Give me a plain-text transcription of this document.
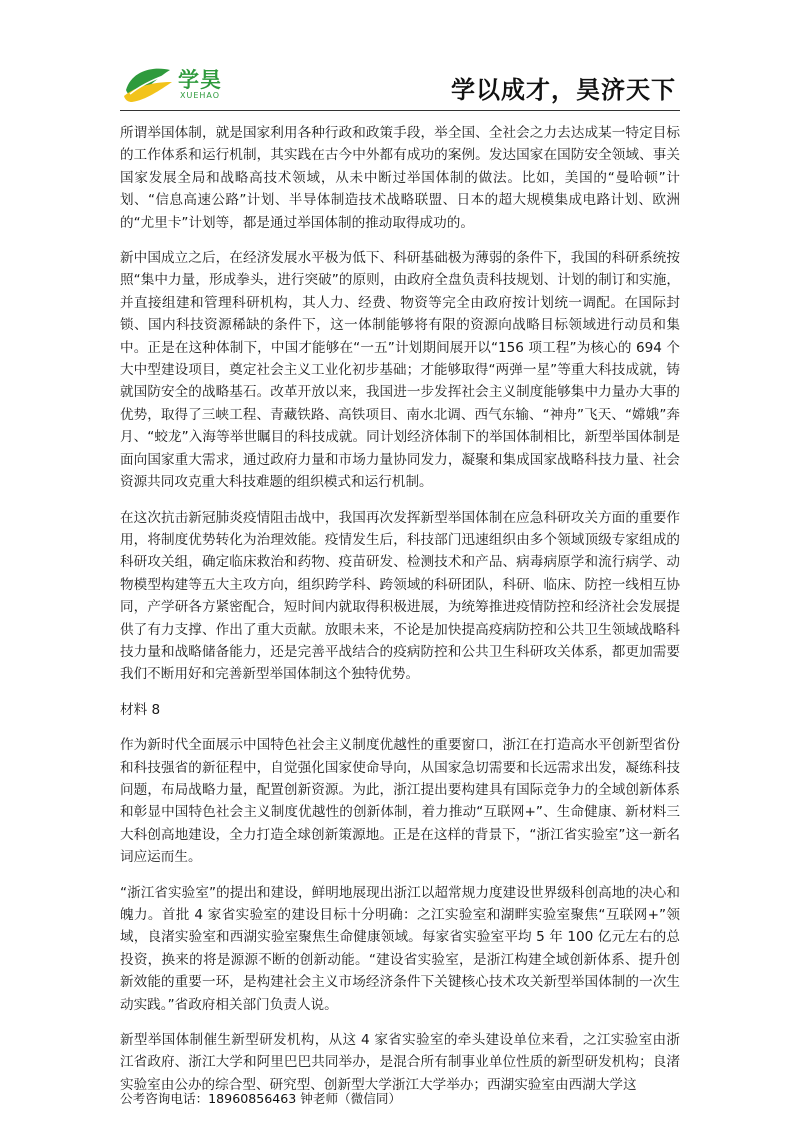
学昊
XUEHAO	学以成才，昊济天下

所谓举国体制，就是国家利用各种行政和政策手段，举全国、全社会之力去达成某一特定目标的工作体系和运行机制，其实践在古今中外都有成功的案例。发达国家在国防安全领域、事关国家发展全局和战略高技术领域，从未中断过举国体制的做法。比如，美国的“曼哈顿”计划、“信息高速公路”计划、半导体制造技术战略联盟、日本的超大规模集成电路计划、欧洲的“尤里卡”计划等，都是通过举国体制的推动取得成功的。

新中国成立之后，在经济发展水平极为低下、科研基础极为薄弱的条件下，我国的科研系统按照“集中力量，形成拳头，进行突破”的原则，由政府全盘负责科技规划、计划的制订和实施，并直接组建和管理科研机构，其人力、经费、物资等完全由政府按计划统一调配。在国际封锁、国内科技资源稀缺的条件下，这一体制能够将有限的资源向战略目标领域进行动员和集中。正是在这种体制下，中国才能够在“一五”计划期间展开以“156 项工程”为核心的 694 个大中型建设项目，奠定社会主义工业化初步基础；才能够取得“两弹一星”等重大科技成就，铸就国防安全的战略基石。改革开放以来，我国进一步发挥社会主义制度能够集中力量办大事的优势，取得了三峡工程、青藏铁路、高铁项目、南水北调、西气东输、“神舟”飞天、“嫦娥”奔月、“蛟龙”入海等举世瞩目的科技成就。同计划经济体制下的举国体制相比，新型举国体制是面向国家重大需求，通过政府力量和市场力量协同发力，凝聚和集成国家战略科技力量、社会资源共同攻克重大科技难题的组织模式和运行机制。

在这次抗击新冠肺炎疫情阻击战中，我国再次发挥新型举国体制在应急科研攻关方面的重要作用，将制度优势转化为治理效能。疫情发生后，科技部门迅速组织由多个领域顶级专家组成的科研攻关组，确定临床救治和药物、疫苗研发、检测技术和产品、病毒病原学和流行病学、动物模型构建等五大主攻方向，组织跨学科、跨领域的科研团队，科研、临床、防控一线相互协同，产学研各方紧密配合，短时间内就取得积极进展，为统筹推进疫情防控和经济社会发展提供了有力支撑、作出了重大贡献。放眼未来，不论是加快提高疫病防控和公共卫生领域战略科技力量和战略储备能力，还是完善平战结合的疫病防控和公共卫生科研攻关体系，都更加需要我们不断用好和完善新型举国体制这个独特优势。

材料 8

作为新时代全面展示中国特色社会主义制度优越性的重要窗口，浙江在打造高水平创新型省份和科技强省的新征程中，自觉强化国家使命导向，从国家急切需要和长远需求出发，凝练科技问题，布局战略力量，配置创新资源。为此，浙江提出要构建具有国际竞争力的全域创新体系和彰显中国特色社会主义制度优越性的创新体制，着力推动“互联网+”、生命健康、新材料三大科创高地建设，全力打造全球创新策源地。正是在这样的背景下，“浙江省实验室”这一新名词应运而生。

“浙江省实验室”的提出和建设，鲜明地展现出浙江以超常规力度建设世界级科创高地的决心和魄力。首批 4 家省实验室的建设目标十分明确：之江实验室和湖畔实验室聚焦“互联网+”领域，良渚实验室和西湖实验室聚焦生命健康领域。每家省实验室平均 5 年 100 亿元左右的总投资，换来的将是源源不断的创新动能。“建设省实验室，是浙江构建全域创新体系、提升创新效能的重要一环，是构建社会主义市场经济条件下关键核心技术攻关新型举国体制的一次生动实践。”省政府相关部门负责人说。

新型举国体制催生新型研发机构，从这 4 家省实验室的牵头建设单位来看，之江实验室由浙江省政府、浙江大学和阿里巴巴共同举办，是混合所有制事业单位性质的新型研发机构；良渚实验室由公办的综合型、研究型、创新型大学浙江大学举办；西湖实验室由西湖大学这

公考咨询电话：18960856463 钟老师（微信同）
